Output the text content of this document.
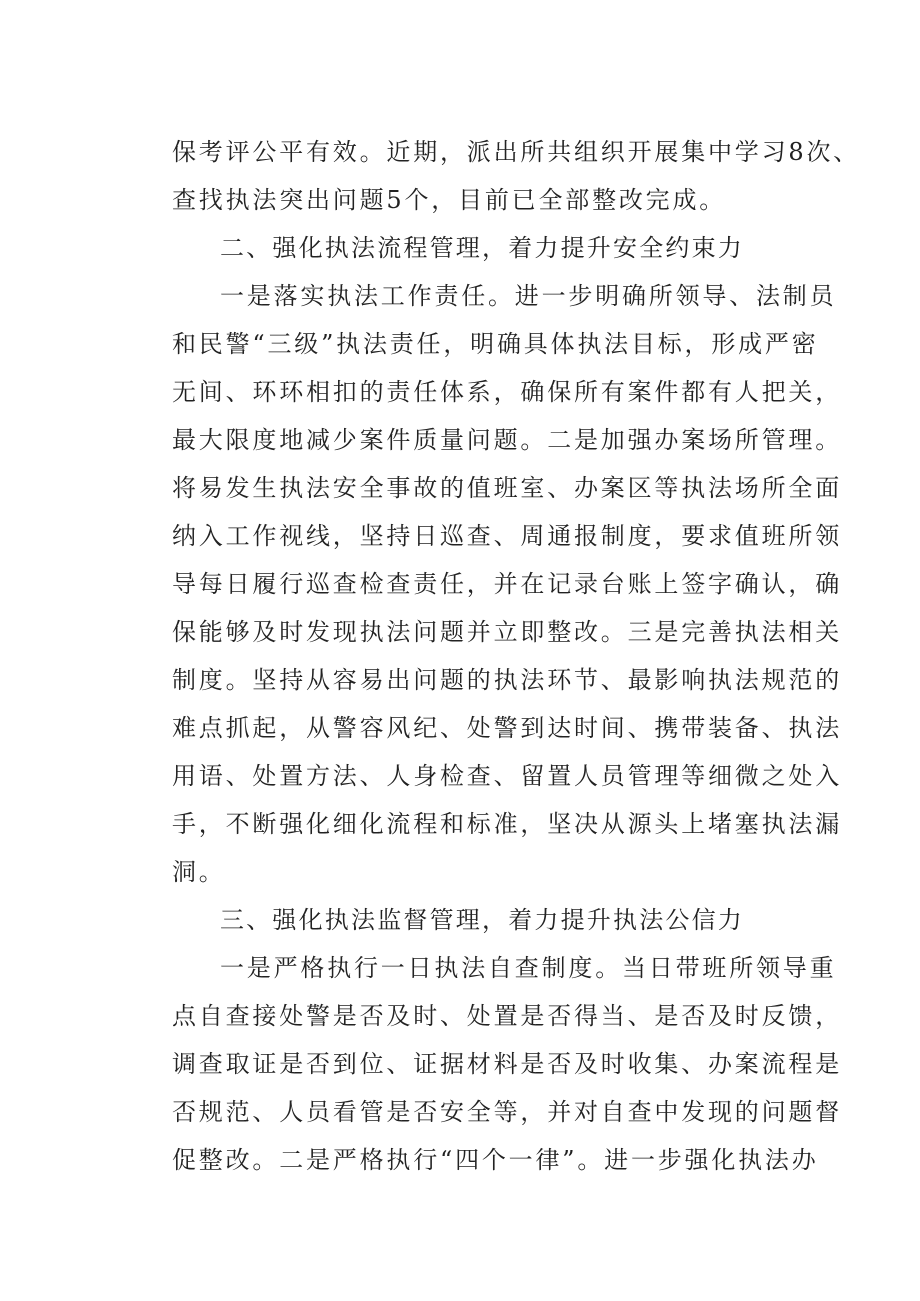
保考评公平有效。近期，派出所共组织开展集中学习8次、
查找执法突出问题5个，目前已全部整改完成。
二、强化执法流程管理，着力提升安全约束力
一是落实执法工作责任。进一步明确所领导、法制员
和民警“三级”执法责任，明确具体执法目标，形成严密
无间、环环相扣的责任体系，确保所有案件都有人把关，
最大限度地减少案件质量问题。二是加强办案场所管理。
将易发生执法安全事故的值班室、办案区等执法场所全面
纳入工作视线，坚持日巡查、周通报制度，要求值班所领
导每日履行巡查检查责任，并在记录台账上签字确认，确
保能够及时发现执法问题并立即整改。三是完善执法相关
制度。坚持从容易出问题的执法环节、最影响执法规范的
难点抓起，从警容风纪、处警到达时间、携带装备、执法
用语、处置方法、人身检查、留置人员管理等细微之处入
手，不断强化细化流程和标准，坚决从源头上堵塞执法漏
洞。
三、强化执法监督管理，着力提升执法公信力
一是严格执行一日执法自查制度。当日带班所领导重
点自查接处警是否及时、处置是否得当、是否及时反馈，
调查取证是否到位、证据材料是否及时收集、办案流程是
否规范、人员看管是否安全等，并对自查中发现的问题督
促整改。二是严格执行“四个一律”。进一步强化执法办
